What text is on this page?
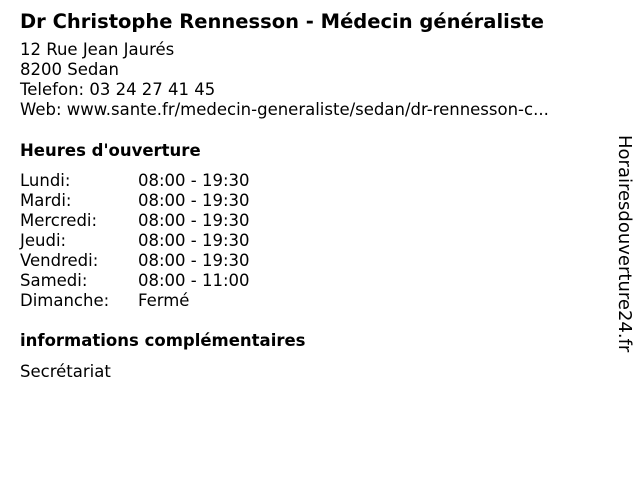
Dr Christophe Rennesson - Médecin généraliste
12 Rue Jean Jaurés
8200 Sedan
Telefon: 03 24 27 41 45
Web: www.sante.fr/medecin-generaliste/sedan/dr-rennesson-c...
Heures d'ouverture
Lundi:	08:00 - 19:30
Mardi:	08:00 - 19:30
Mercredi:	08:00 - 19:30
Jeudi:	08:00 - 19:30
Vendredi:	08:00 - 19:30
Samedi:	08:00 - 11:00
Dimanche:	Fermé
informations complémentaires
Secrétariat
Horairesdouverture24.fr
